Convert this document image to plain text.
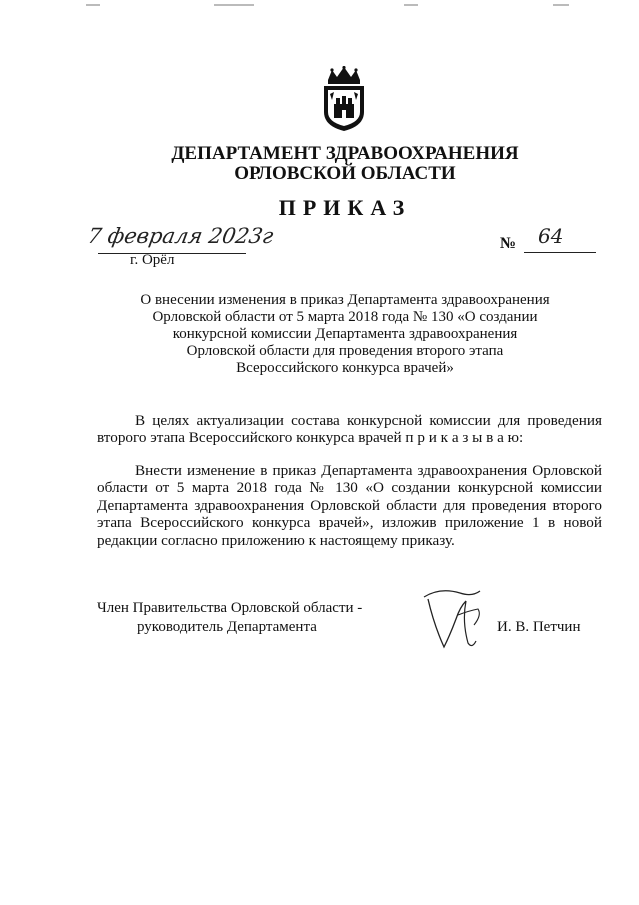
ДЕПАРТАМЕНТ ЗДРАВООХРАНЕНИЯ
ОРЛОВСКОЙ ОБЛАСТИ
ПРИКАЗ
7 февраля 2023г
г. Орёл
№ 64
О внесении изменения в приказ Департамента здравоохранения
Орловской области от 5 марта 2018 года № 130 «О создании
конкурсной комиссии Департамента здравоохранения
Орловской области для проведения второго этапа
Всероссийского конкурса врачей»
В целях актуализации состава конкурсной комиссии для проведения
второго этапа Всероссийского конкурса врачей п р и к а з ы в а ю:
Внести изменение в приказ Департамента здравоохранения Орловской
области от 5 марта 2018 года № 130 «О создании конкурсной комиссии
Департамента здравоохранения Орловской области для проведения второго
этапа Всероссийского конкурса врачей», изложив приложение 1 в новой
редакции согласно приложению к настоящему приказу.
Член Правительства Орловской области -
руководитель Департамента	И. В. Петчин
